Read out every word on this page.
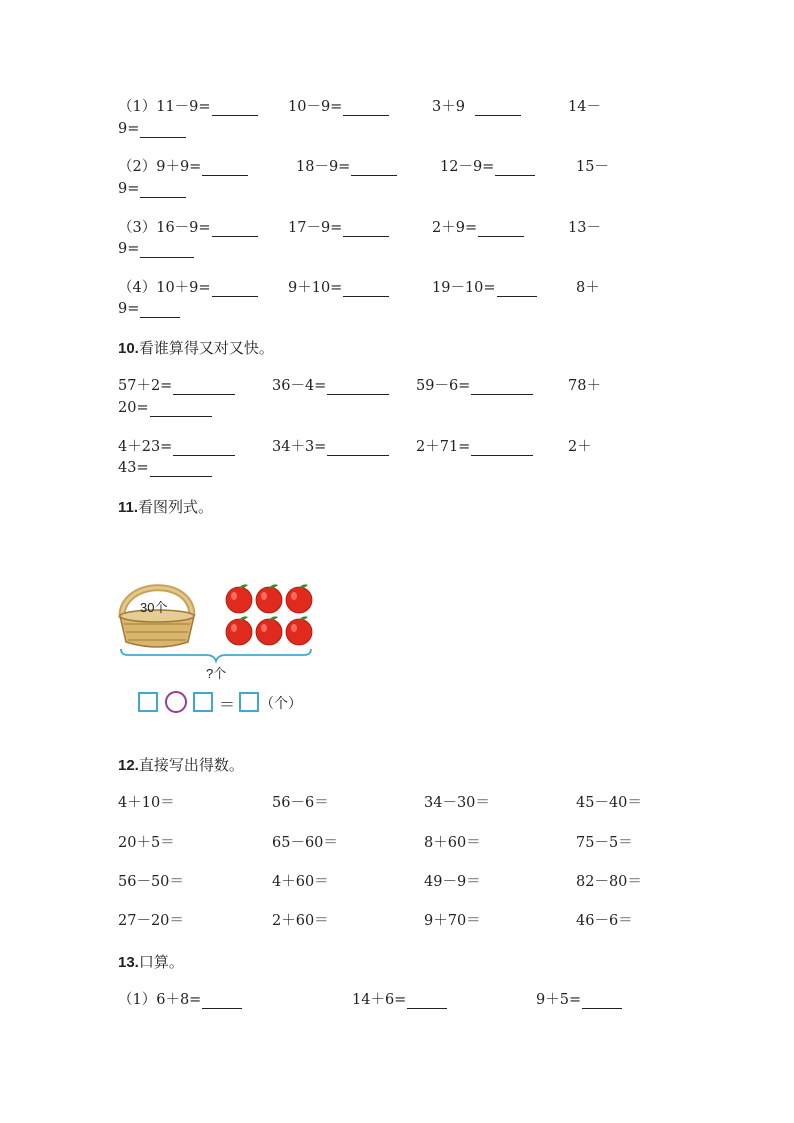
（1）11－9=	10－9=	3＋9	14－
9=
（2）9＋9=	18－9=	12－9=	15－
9=
（3）16－9=	17－9=	2＋9=	13－
9=
（4）10＋9=	9＋10=	19－10=	8＋
9=
10.看谁算得又对又快。
57＋2=	36－4=	59－6=	78＋
20=
4＋23=	34＋3=	2＋71=	2＋
43=
11.看图列式。
30个
?个
＝ （个）
12.直接写出得数。
4＋10＝	56－6＝	34－30＝	45－40＝
20＋5＝	65－60＝	8＋60＝	75－5＝
56－50＝	4＋60＝	49－9＝	82－80＝
27－20＝	2＋60＝	9＋70＝	46－6＝
13.口算。
（1）6＋8=	14＋6=	9＋5=
